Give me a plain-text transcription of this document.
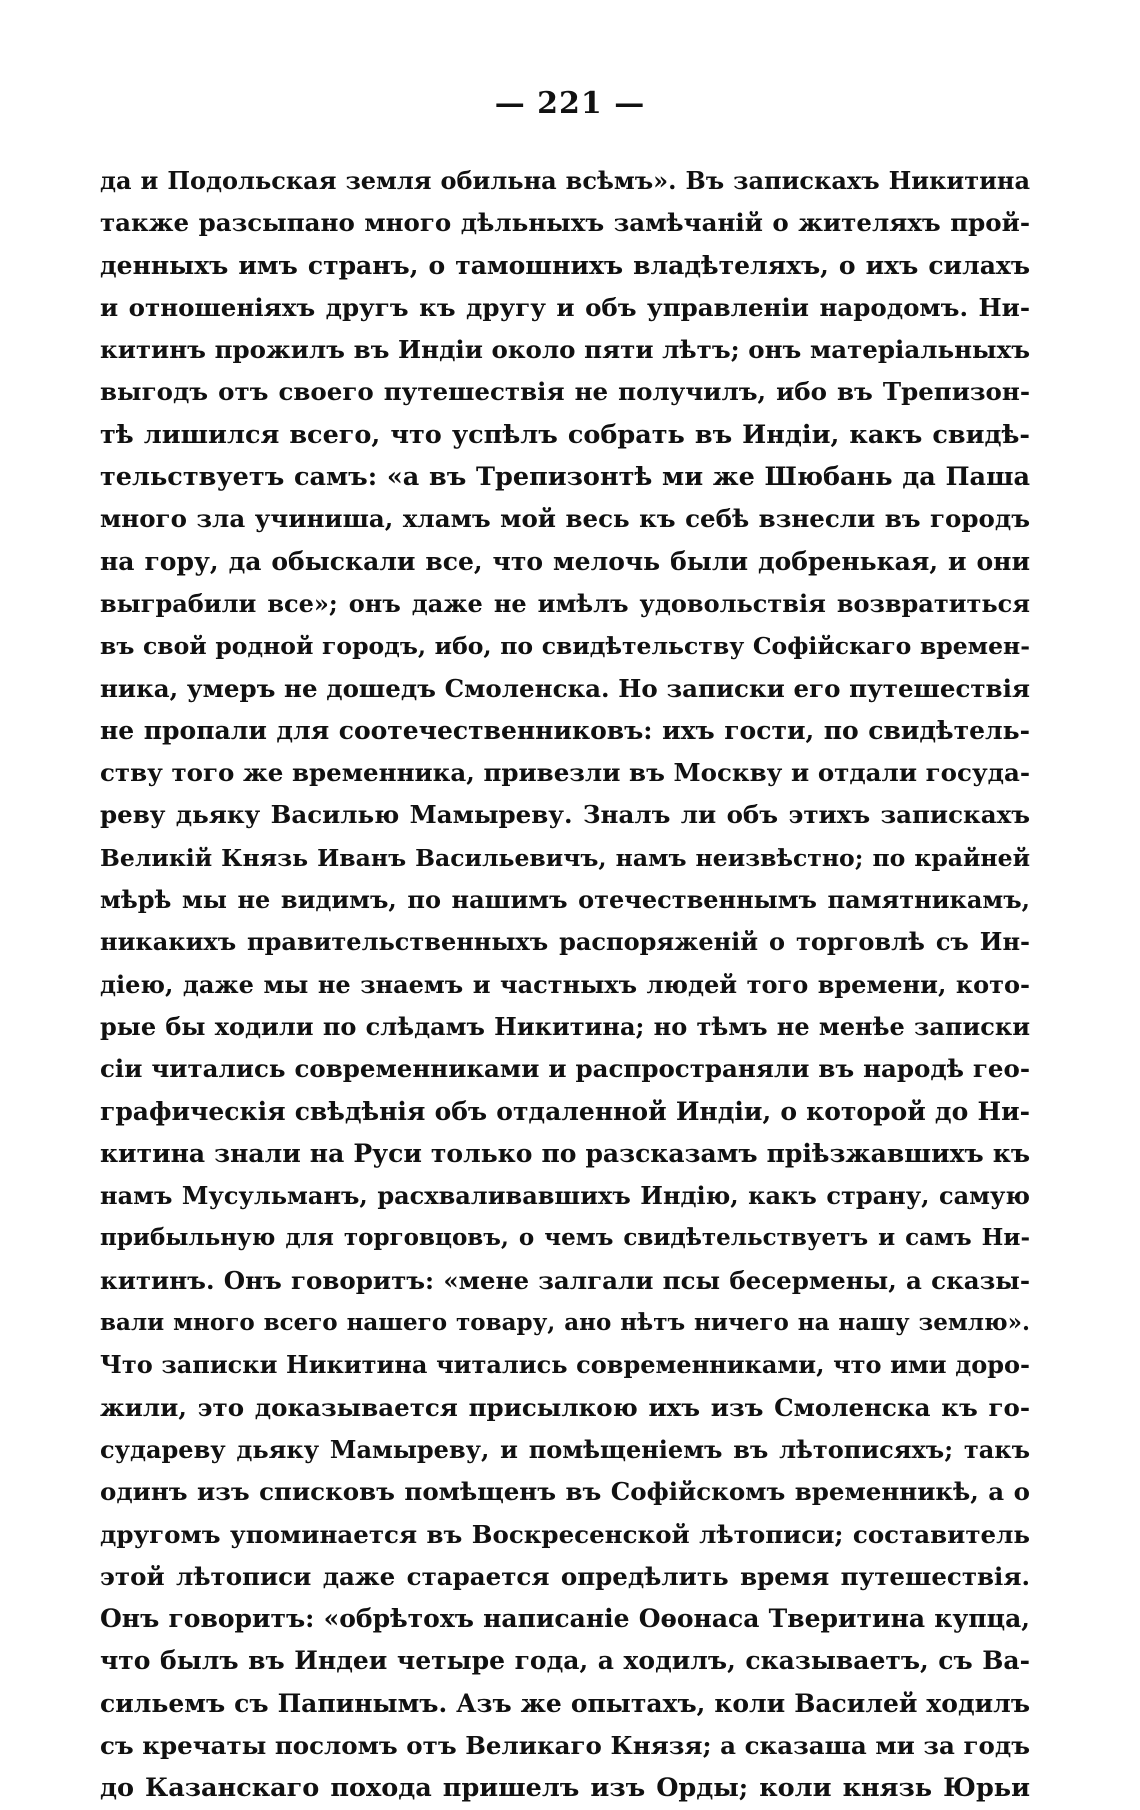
— 221 —
да и Подольская земля обильна всѣмъ». Въ запискахъ Никитина
также разсыпано много дѣльныхъ замѣчаній о жителяхъ прой-
денныхъ имъ странъ, о тамошнихъ владѣтеляхъ, о ихъ силахъ
и отношеніяхъ другъ къ другу и объ управленіи народомъ. Ни-
китинъ прожилъ въ Индіи около пяти лѣтъ; онъ матеріальныхъ
выгодъ отъ своего путешествія не получилъ, ибо въ Трепизон-
тѣ лишился всего, что успѣлъ собрать въ Индіи, какъ свидѣ-
тельствуетъ самъ: «а въ Трепизонтѣ ми же Шюбань да Паша
много зла учиниша, хламъ мой весь къ себѣ взнесли въ городъ
на гору, да обыскали все, что мелочь были добренькая, и они
выграбили все»; онъ даже не имѣлъ удовольствія возвратиться
въ свой родной городъ, ибо, по свидѣтельству Софійскаго времен-
ника, умеръ не дошедъ Смоленска. Но записки его путешествія
не пропали для соотечественниковъ: ихъ гости, по свидѣтель-
ству того же временника, привезли въ Москву и отдали госуда-
реву дьяку Василью Мамыреву. Зналъ ли объ этихъ запискахъ
Великій Князь Иванъ Васильевичъ, намъ неизвѣстно; по крайней
мѣрѣ мы не видимъ, по нашимъ отечественнымъ памятникамъ,
никакихъ правительственныхъ распоряженій о торговлѣ съ Ин-
діею, даже мы не знаемъ и частныхъ людей того времени, кото-
рые бы ходили по слѣдамъ Никитина; но тѣмъ не менѣе записки
сіи читались современниками и распространяли въ народѣ гео-
графическія свѣдѣнія объ отдаленной Индіи, о которой до Ни-
китина знали на Руси только по разсказамъ пріѣзжавшихъ къ
намъ Мусульманъ, расхваливавшихъ Индію, какъ страну, самую
прибыльную для торговцовъ, о чемъ свидѣтельствуетъ и самъ Ни-
китинъ. Онъ говоритъ: «мене залгали псы бесермены, а сказы-
вали много всего нашего товару, ано нѣтъ ничего на нашу землю».
Что записки Никитина читались современниками, что ими доро-
жили, это доказывается присылкою ихъ изъ Смоленска къ го-
судареву дьяку Мамыреву, и помѣщеніемъ въ лѣтописяхъ; такъ
одинъ изъ списковъ помѣщенъ въ Софійскомъ временникѣ, а о
другомъ упоминается въ Воскресенской лѣтописи; составитель
этой лѣтописи даже старается опредѣлить время путешествія.
Онъ говоритъ: «обрѣтохъ написаніе Оѳонаса Тверитина купца,
что былъ въ Индеи четыре года, а ходилъ, сказываетъ, съ Ва-
сильемъ съ Папинымъ. Азъ же опытахъ, коли Василей ходилъ
съ кречаты посломъ отъ Великаго Князя; а сказаша ми за годъ
до Казанскаго похода пришелъ изъ Орды; коли князь Юрьи
